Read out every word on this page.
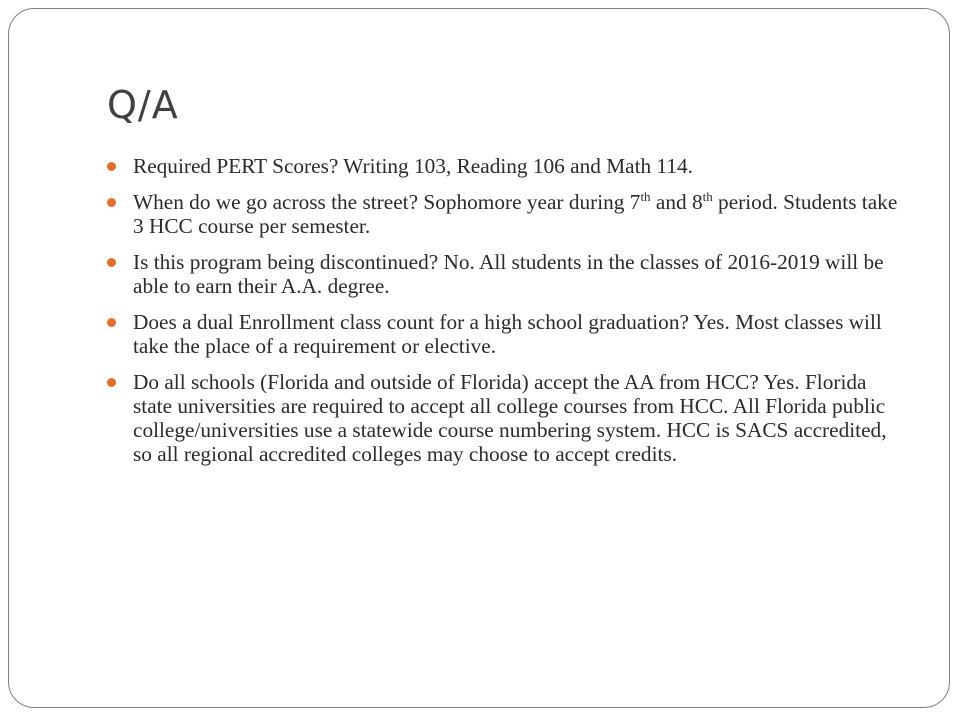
Q/A
Required PERT Scores? Writing 103, Reading 106 and Math 114.
When do we go across the street? Sophomore year during 7th and 8th period. Students take 3 HCC course per semester.
Is this program being discontinued? No. All students in the classes of 2016-2019 will be able to earn their A.A. degree.
Does a dual Enrollment class count for a high school graduation? Yes. Most classes will take the place of a requirement or elective.
Do all schools (Florida and outside of Florida) accept the AA from HCC? Yes. Florida state universities are required to accept all college courses from HCC. All Florida public college/universities use a statewide course numbering system. HCC is SACS accredited, so all regional accredited colleges may choose to accept credits.
